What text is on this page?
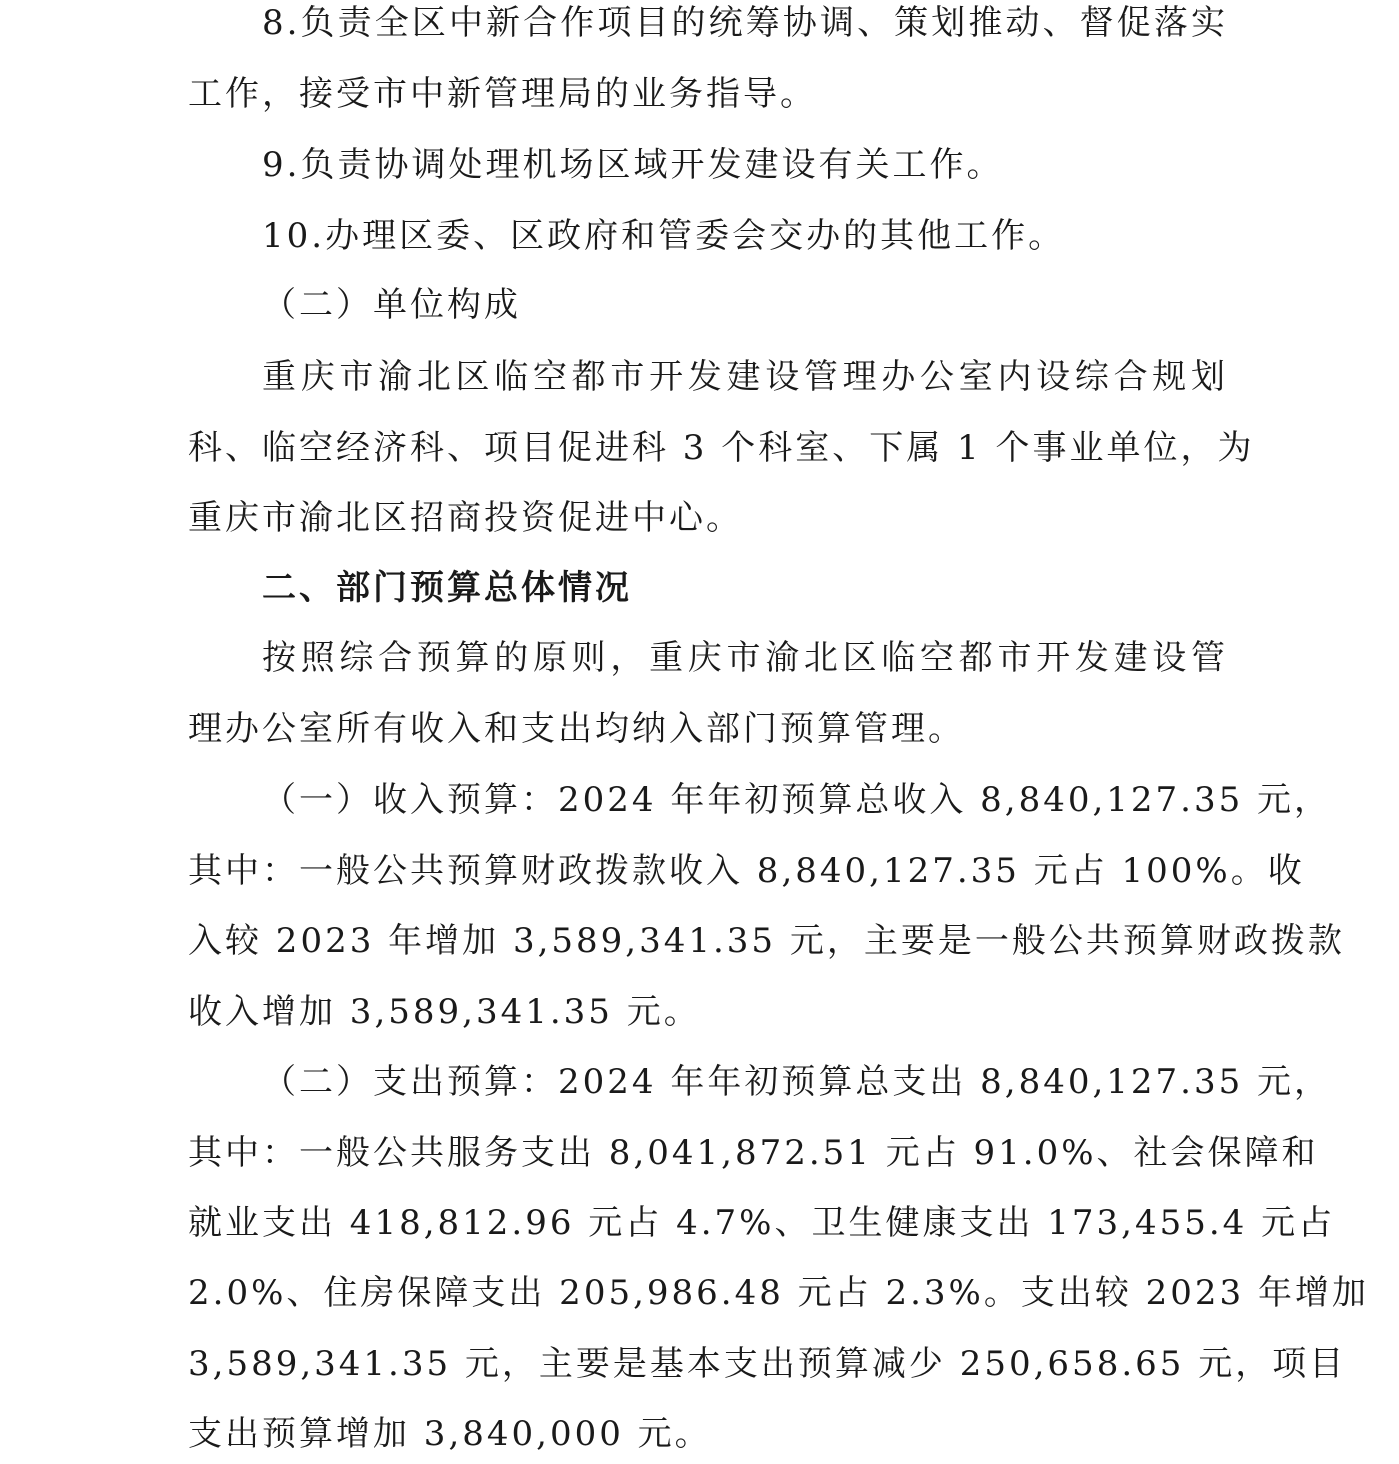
8.负责全区中新合作项目的统筹协调、策划推动、督促落实
工作，接受市中新管理局的业务指导。
9.负责协调处理机场区域开发建设有关工作。
10.办理区委、区政府和管委会交办的其他工作。
（二）单位构成
重庆市渝北区临空都市开发建设管理办公室内设综合规划
科、临空经济科、项目促进科 3 个科室、下属 1 个事业单位，为
重庆市渝北区招商投资促进中心。
二、部门预算总体情况
按照综合预算的原则，重庆市渝北区临空都市开发建设管
理办公室所有收入和支出均纳入部门预算管理。
（一）收入预算：2024 年年初预算总收入 8,840,127.35 元，
其中：一般公共预算财政拨款收入 8,840,127.35 元占 100%。收
入较 2023 年增加 3,589,341.35 元，主要是一般公共预算财政拨款
收入增加 3,589,341.35 元。
（二）支出预算：2024 年年初预算总支出 8,840,127.35 元，
其中：一般公共服务支出 8,041,872.51 元占 91.0%、社会保障和
就业支出 418,812.96 元占 4.7%、卫生健康支出 173,455.4 元占
2.0%、住房保障支出 205,986.48 元占 2.3%。支出较 2023 年增加
3,589,341.35 元，主要是基本支出预算减少 250,658.65 元，项目
支出预算增加 3,840,000 元。
